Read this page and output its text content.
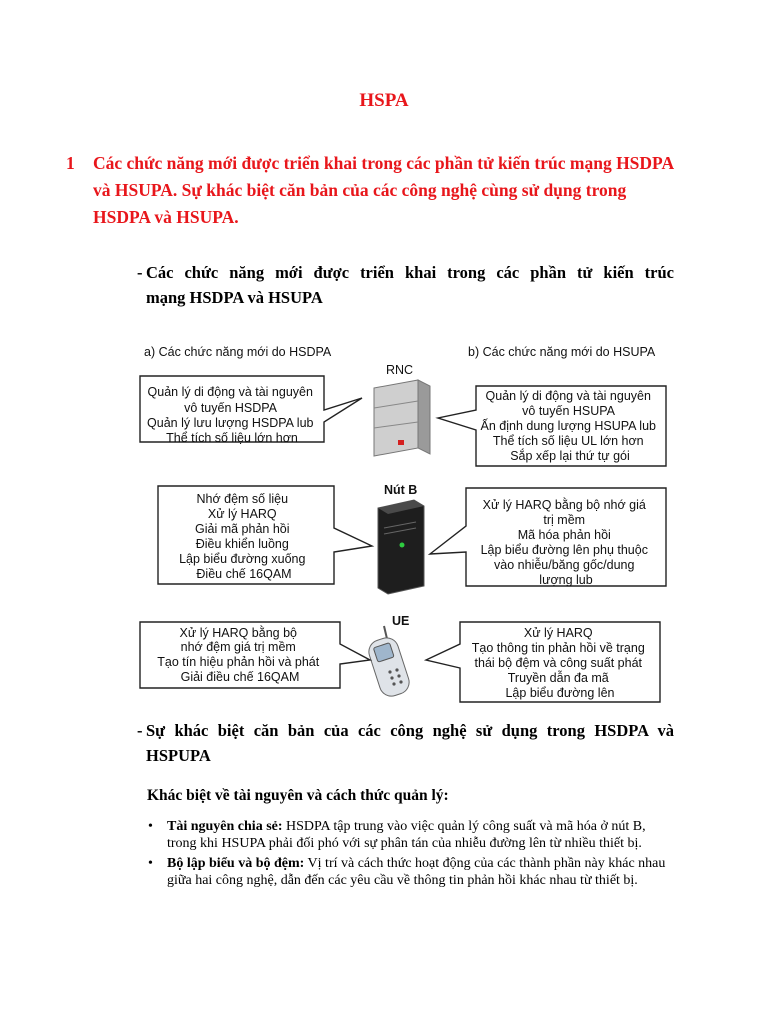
HSPA
1 Các chức năng mới được triển khai trong các phần tử kiến trúc mạng HSDPA và HSUPA. Sự khác biệt căn bản của các công nghệ cùng sử dụng trong HSDPA và HSUPA.
- Các chức năng mới được triển khai trong các phần tử kiến trúc
mạng HSDPA và HSUPA
a) Các chức năng mới do HSDPA	b) Các chức năng mới do HSUPA
RNC
Nút B
UE
Quản lý di động và tài nguyên vô tuyến HSDPA Quản lý lưu lượng HSDPA lub Thể tích số liệu lớn hơn
Quản lý di động và tài nguyên vô tuyến HSUPA Ấn định dung lượng HSUPA lub Thể tích số liệu UL lớn hơn Sắp xếp lại thứ tự gói
Nhớ đệm số liệu Xử lý HARQ Giải mã phản hồi Điều khiển luồng Lập biểu đường xuống Điều chế 16QAM
Xử lý HARQ bằng bộ nhớ giá trị mềm Mã hóa phản hồi Lập biểu đường lên phụ thuộc vào nhiễu/băng gốc/dung lượng lub
Xử lý HARQ bằng bộ nhớ đệm giá trị mềm Tạo tín hiệu phản hồi và phát Giải điều chế 16QAM
Xử lý HARQ Tạo thông tin phản hồi về trạng thái bộ đệm và công suất phát Truyền dẫn đa mã Lập biểu đường lên
- Sự khác biệt căn bản của các công nghệ sử dụng trong HSDPA và
HSPUPA
Khác biệt về tài nguyên và cách thức quản lý:
• Tài nguyên chia sẻ: HSDPA tập trung vào việc quản lý công suất và mã hóa ở nút B, trong khi HSUPA phải đối phó với sự phân tán của nhiễu đường lên từ nhiều thiết bị.
• Bộ lập biểu và bộ đệm: Vị trí và cách thức hoạt động của các thành phần này khác nhau giữa hai công nghệ, dẫn đến các yêu cầu về thông tin phản hồi khác nhau từ thiết bị.
